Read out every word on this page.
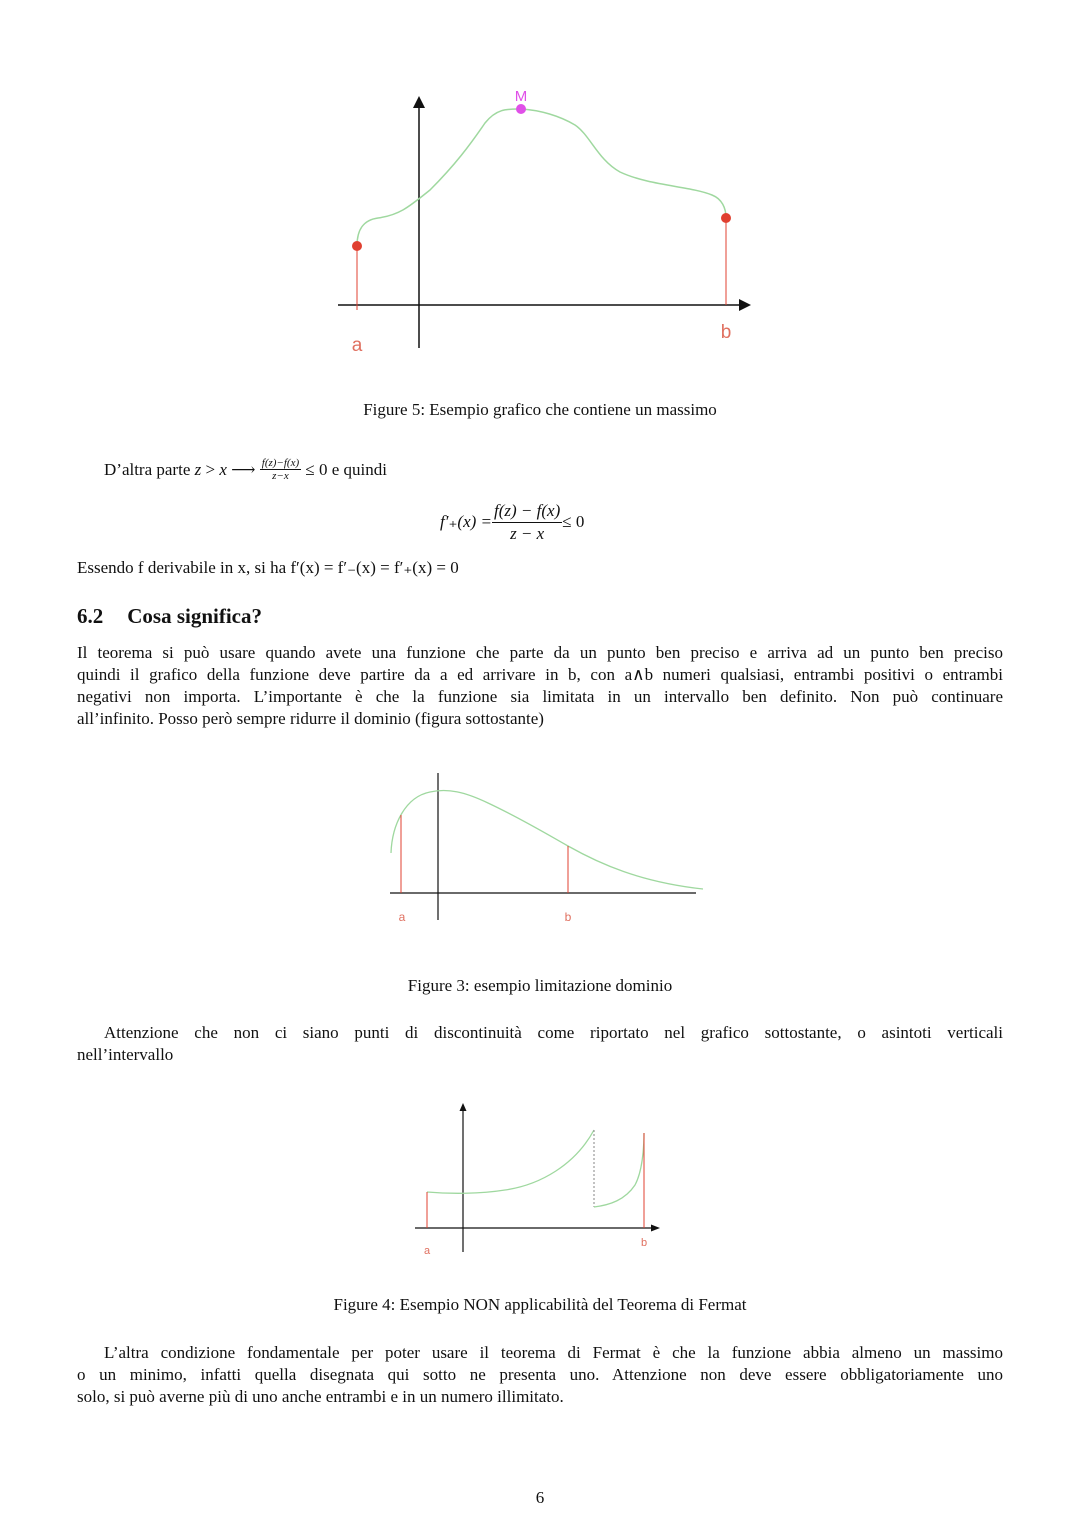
M
a
b
Figure 5: Esempio grafico che contiene un massimo
D’altra parte z > x ⟶ $\frac{f(z)-f(x)}{z-x} \le 0$ e quindi
$f'_+(x) = \frac{f(z) - f(x)}{z - x} \le 0$
Essendo f derivabile in x, si ha f′(x) = f′₋(x) = f′₊(x) = 0
6.2 Cosa significa?
Il teorema si può usare quando avete una funzione che parte da un punto ben preciso e arriva ad un punto ben preciso
quindi il grafico della funzione deve partire da a ed arrivare in b, con a∧b numeri qualsiasi, entrambi positivi o entrambi
negativi non importa. L’importante è che la funzione sia limitata in un intervallo ben definito. Non può continuare
all’infinito. Posso però sempre ridurre il dominio (figura sottostante)
a	b
Figure 3: esempio limitazione dominio
Attenzione che non ci siano punti di discontinuità come riportato nel grafico sottostante, o asintoti verticali
nell’intervallo
a
b
Figure 4: Esempio NON applicabilità del Teorema di Fermat
L’altra condizione fondamentale per poter usare il teorema di Fermat è che la funzione abbia almeno un massimo
o un minimo, infatti quella disegnata qui sotto ne presenta uno. Attenzione non deve essere obbligatoriamente uno
solo, si può averne più di uno anche entrambi e in un numero illimitato.
6
